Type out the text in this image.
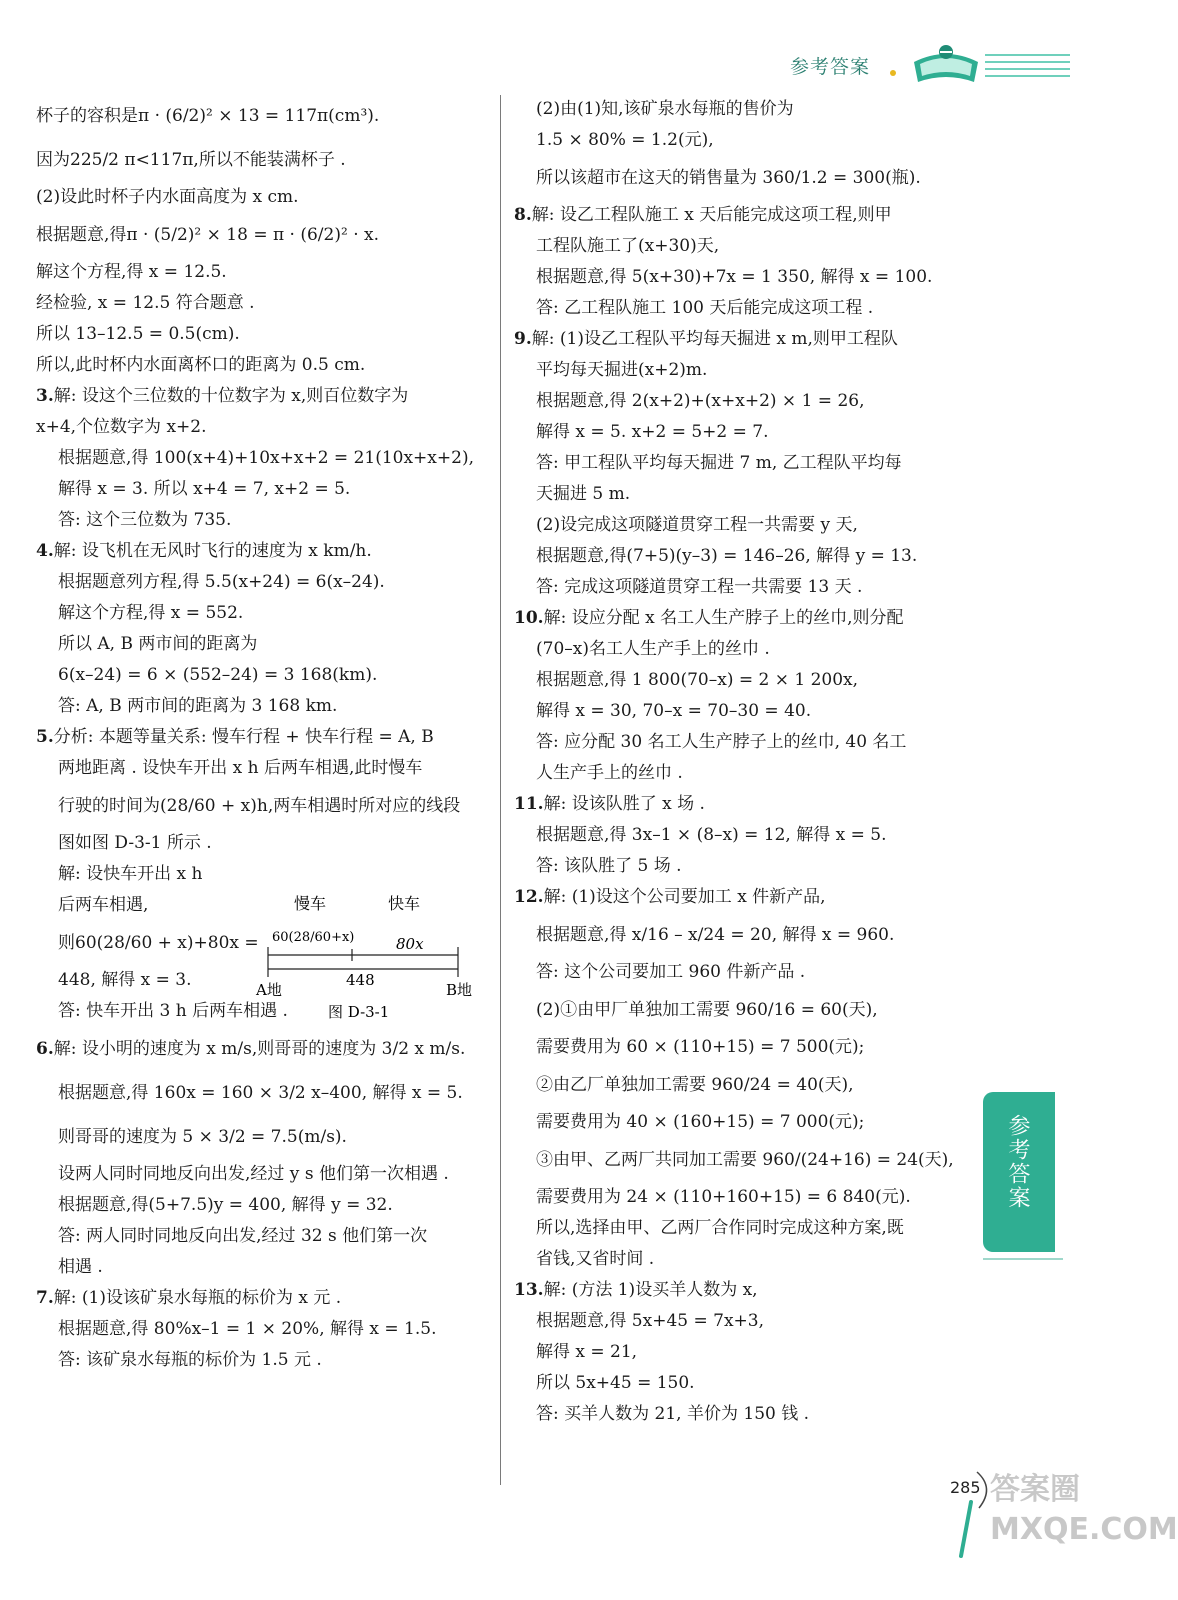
参考答案
杯子的容积是π · (6/2)² × 13 = 117π(cm³).
因为225/2 π<117π,所以不能装满杯子 .
(2)设此时杯子内水面高度为 x cm.
根据题意,得π · (5/2)² × 18 = π · (6/2)² · x.
解这个方程,得 x = 12.5.
经检验, x = 12.5 符合题意 .
所以 13–12.5 = 0.5(cm).
所以,此时杯内水面离杯口的距离为 0.5 cm.
3.解: 设这个三位数的十位数字为 x,则百位数字为
x+4,个位数字为 x+2.
根据题意,得 100(x+4)+10x+x+2 = 21(10x+x+2),
解得 x = 3. 所以 x+4 = 7, x+2 = 5.
答: 这个三位数为 735.
4.解: 设飞机在无风时飞行的速度为 x km/h.
根据题意列方程,得 5.5(x+24) = 6(x–24).
解这个方程,得 x = 552.
所以 A, B 两市间的距离为
6(x–24) = 6 × (552–24) = 3 168(km).
答: A, B 两市间的距离为 3 168 km.
5.分析: 本题等量关系: 慢车行程 + 快车行程 = A, B
两地距离 . 设快车开出 x h 后两车相遇,此时慢车
行驶的时间为(28/60 + x)h,两车相遇时所对应的线段
图如图 D-3-1 所示 .
解: 设快车开出 x h
后两车相遇,
则60(28/60 + x)+80x =
448, 解得 x = 3.
答: 快车开出 3 h 后两车相遇 .
6.解: 设小明的速度为 x m/s,则哥哥的速度为 3/2 x m/s.
根据题意,得 160x = 160 × 3/2 x–400, 解得 x = 5.
则哥哥的速度为 5 × 3/2 = 7.5(m/s).
设两人同时同地反向出发,经过 y s 他们第一次相遇 .
根据题意,得(5+7.5)y = 400, 解得 y = 32.
答: 两人同时同地反向出发,经过 32 s 他们第一次
相遇 .
7.解: (1)设该矿泉水每瓶的标价为 x 元 .
根据题意,得 80%x–1 = 1 × 20%, 解得 x = 1.5.
答: 该矿泉水每瓶的标价为 1.5 元 .
(2)由(1)知,该矿泉水每瓶的售价为
1.5 × 80% = 1.2(元),
所以该超市在这天的销售量为 360/1.2 = 300(瓶).
8.解: 设乙工程队施工 x 天后能完成这项工程,则甲
工程队施工了(x+30)天,
根据题意,得 5(x+30)+7x = 1 350, 解得 x = 100.
答: 乙工程队施工 100 天后能完成这项工程 .
9.解: (1)设乙工程队平均每天掘进 x m,则甲工程队
平均每天掘进(x+2)m.
根据题意,得 2(x+2)+(x+x+2) × 1 = 26,
解得 x = 5. x+2 = 5+2 = 7.
答: 甲工程队平均每天掘进 7 m, 乙工程队平均每
天掘进 5 m.
(2)设完成这项隧道贯穿工程一共需要 y 天,
根据题意,得(7+5)(y–3) = 146–26, 解得 y = 13.
答: 完成这项隧道贯穿工程一共需要 13 天 .
10.解: 设应分配 x 名工人生产脖子上的丝巾,则分配
(70–x)名工人生产手上的丝巾 .
根据题意,得 1 800(70–x) = 2 × 1 200x,
解得 x = 30, 70–x = 70–30 = 40.
答: 应分配 30 名工人生产脖子上的丝巾, 40 名工
人生产手上的丝巾 .
11.解: 设该队胜了 x 场 .
根据题意,得 3x–1 × (8–x) = 12, 解得 x = 5.
答: 该队胜了 5 场 .
12.解: (1)设这个公司要加工 x 件新产品,
根据题意,得 x/16 – x/24 = 20, 解得 x = 960.
答: 这个公司要加工 960 件新产品 .
(2)①由甲厂单独加工需要 960/16 = 60(天),
需要费用为 60 × (110+15) = 7 500(元);
②由乙厂单独加工需要 960/24 = 40(天),
需要费用为 40 × (160+15) = 7 000(元);
③由甲、乙两厂共同加工需要 960/(24+16) = 24(天),
需要费用为 24 × (110+160+15) = 6 840(元).
所以,选择由甲、乙两厂合作同时完成这种方案,既
省钱,又省时间 .
13.解: (方法 1)设买羊人数为 x,
根据题意,得 5x+45 = 7x+3,
解得 x = 21,
所以 5x+45 = 150.
答: 买羊人数为 21, 羊价为 150 钱 .
慢车	快车
60(28/60+x)	80x
448
A地	B地
图 D-3-1
参考答案
285 答案圈 MXQE.COM
